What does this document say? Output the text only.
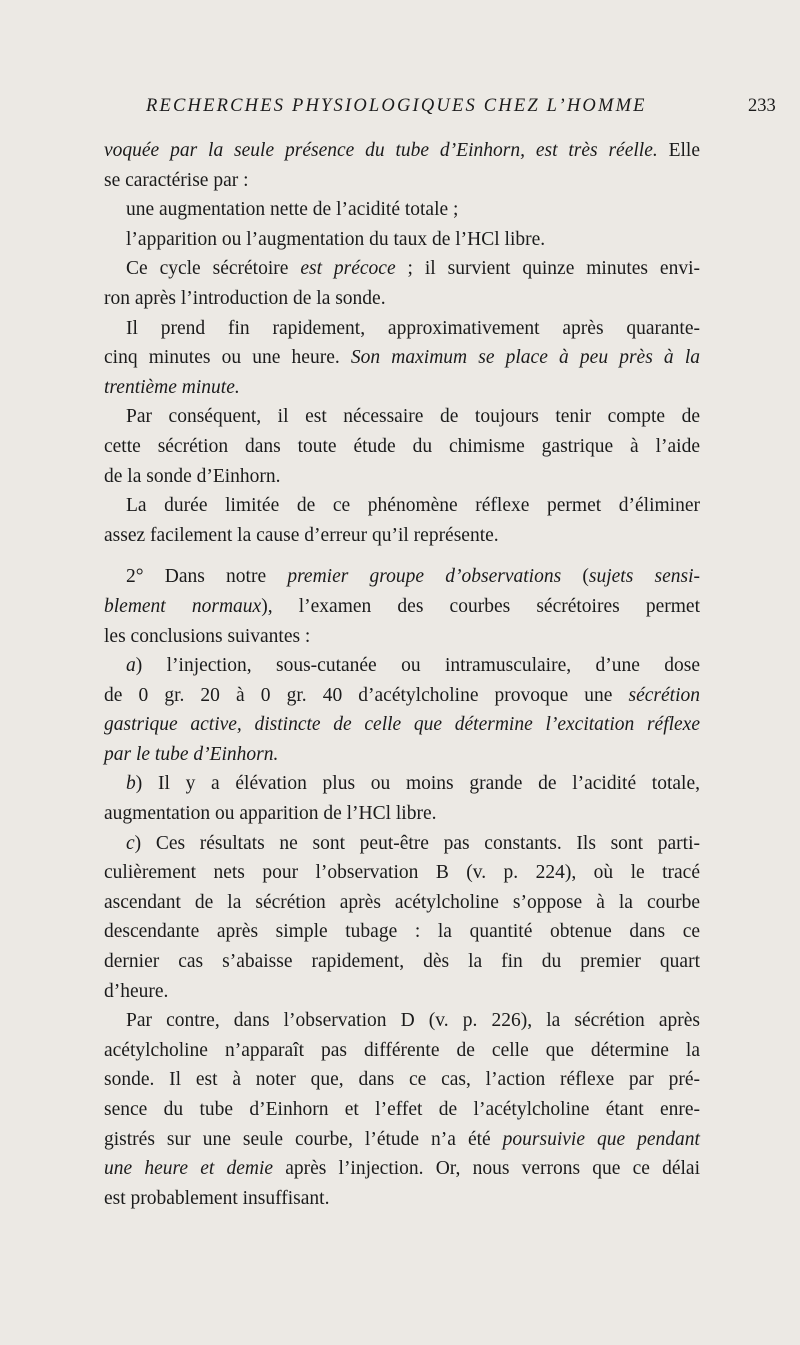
RECHERCHES PHYSIOLOGIQUES CHEZ L’HOMME	233
voquée par la seule présence du tube d’Einhorn, est très réelle. Elle
se caractérise par :
une augmentation nette de l’acidité totale ;
l’apparition ou l’augmentation du taux de l’HCl libre.
Ce cycle sécrétoire est précoce ; il survient quinze minutes envi-
ron après l’introduction de la sonde.
Il prend fin rapidement, approximativement après quarante-
cinq minutes ou une heure. Son maximum se place à peu près à la
trentième minute.
Par conséquent, il est nécessaire de toujours tenir compte de
cette sécrétion dans toute étude du chimisme gastrique à l’aide
de la sonde d’Einhorn.
La durée limitée de ce phénomène réflexe permet d’éliminer
assez facilement la cause d’erreur qu’il représente.
2° Dans notre premier groupe d’observations (sujets sensi-
blement normaux), l’examen des courbes sécrétoires permet
les conclusions suivantes :
a) l’injection, sous-cutanée ou intramusculaire, d’une dose
de 0 gr. 20 à 0 gr. 40 d’acétylcholine provoque une sécrétion
gastrique active, distincte de celle que détermine l’excitation réflexe
par le tube d’Einhorn.
b) Il y a élévation plus ou moins grande de l’acidité totale,
augmentation ou apparition de l’HCl libre.
c) Ces résultats ne sont peut-être pas constants. Ils sont parti-
culièrement nets pour l’observation B (v. p. 224), où le tracé
ascendant de la sécrétion après acétylcholine s’oppose à la courbe
descendante après simple tubage : la quantité obtenue dans ce
dernier cas s’abaisse rapidement, dès la fin du premier quart
d’heure.
Par contre, dans l’observation D (v. p. 226), la sécrétion après
acétylcholine n’apparaît pas différente de celle que détermine la
sonde. Il est à noter que, dans ce cas, l’action réflexe par pré-
sence du tube d’Einhorn et l’effet de l’acétylcholine étant enre-
gistrés sur une seule courbe, l’étude n’a été poursuivie que pendant
une heure et demie après l’injection. Or, nous verrons que ce délai
est probablement insuffisant.
